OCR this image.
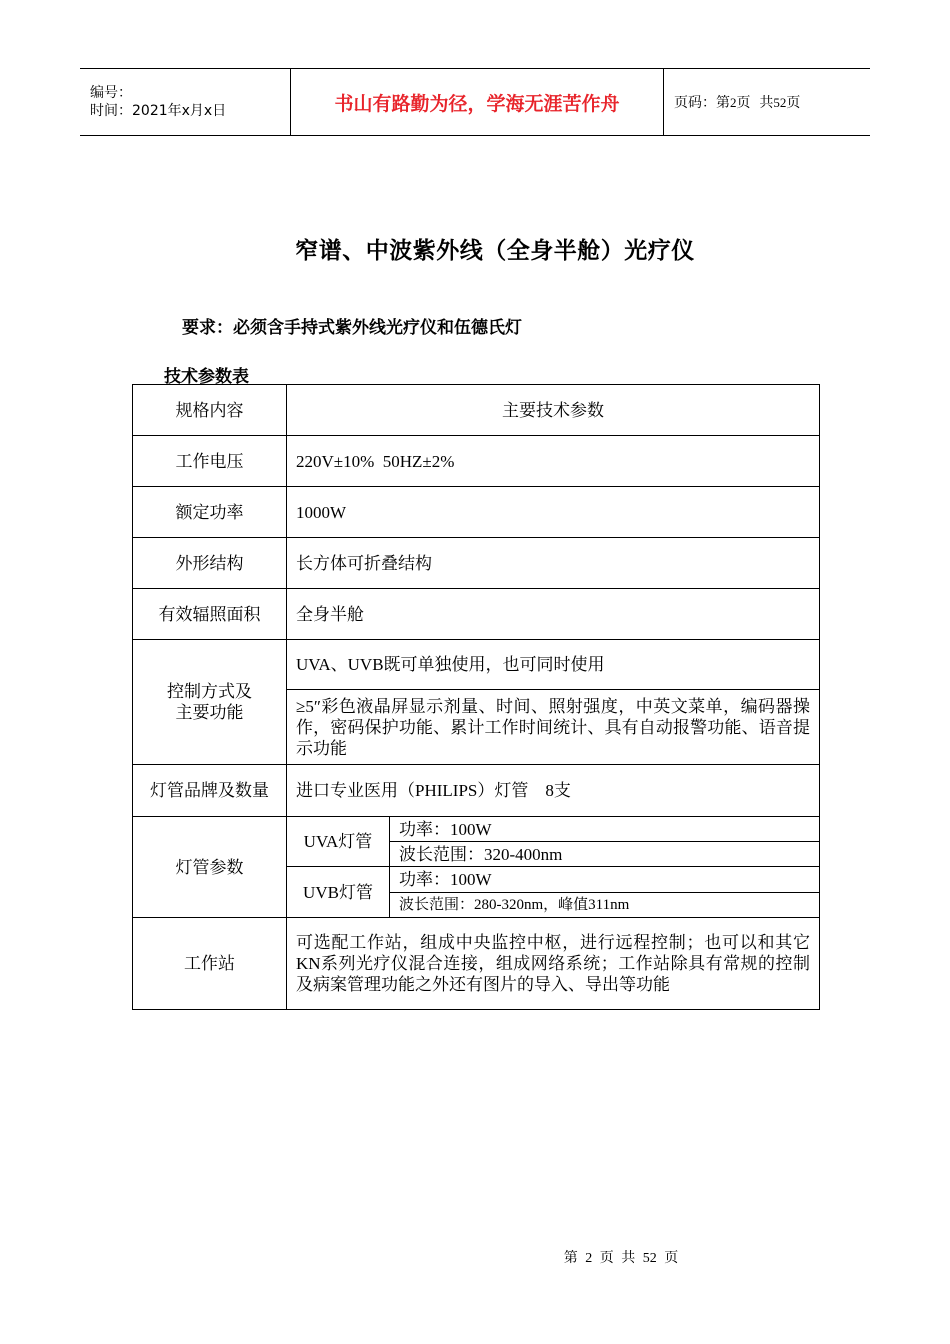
编号：
时间：2021年x月x日	书山有路勤为径，学海无涯苦作舟	页码：第2页  共52页
窄谱、中波紫外线（全身半舱）光疗仪
要求：必须含手持式紫外线光疗仪和伍德氏灯
技术参数表
规格内容	主要技术参数	
工作电压	220V±10%  50HZ±2%	
额定功率	1000W	
外形结构	长方体可折叠结构	
有效辐照面积	全身半舱	
控制方式及主要功能	UVA、UVB既可单独使用，也可同时使用	
	≥5″彩色液晶屏显示剂量、时间、照射强度，中英文菜单，编码器操作，密码保护功能、累计工作时间统计、具有自动报警功能、语音提示功能	
灯管品牌及数量	进口专业医用（PHILIPS）灯管    8支	
灯管参数	UVA灯管	功率：100W
		波长范围：320-400nm
	UVB灯管	功率：100W
		波长范围：280-320nm，峰值311nm
工作站	可选配工作站，组成中央监控中枢，进行远程控制；也可以和其它KN系列光疗仪混合连接，组成网络系统；工作站除具有常规的控制及病案管理功能之外还有图片的导入、导出等功能	
第 2 页 共 52 页
